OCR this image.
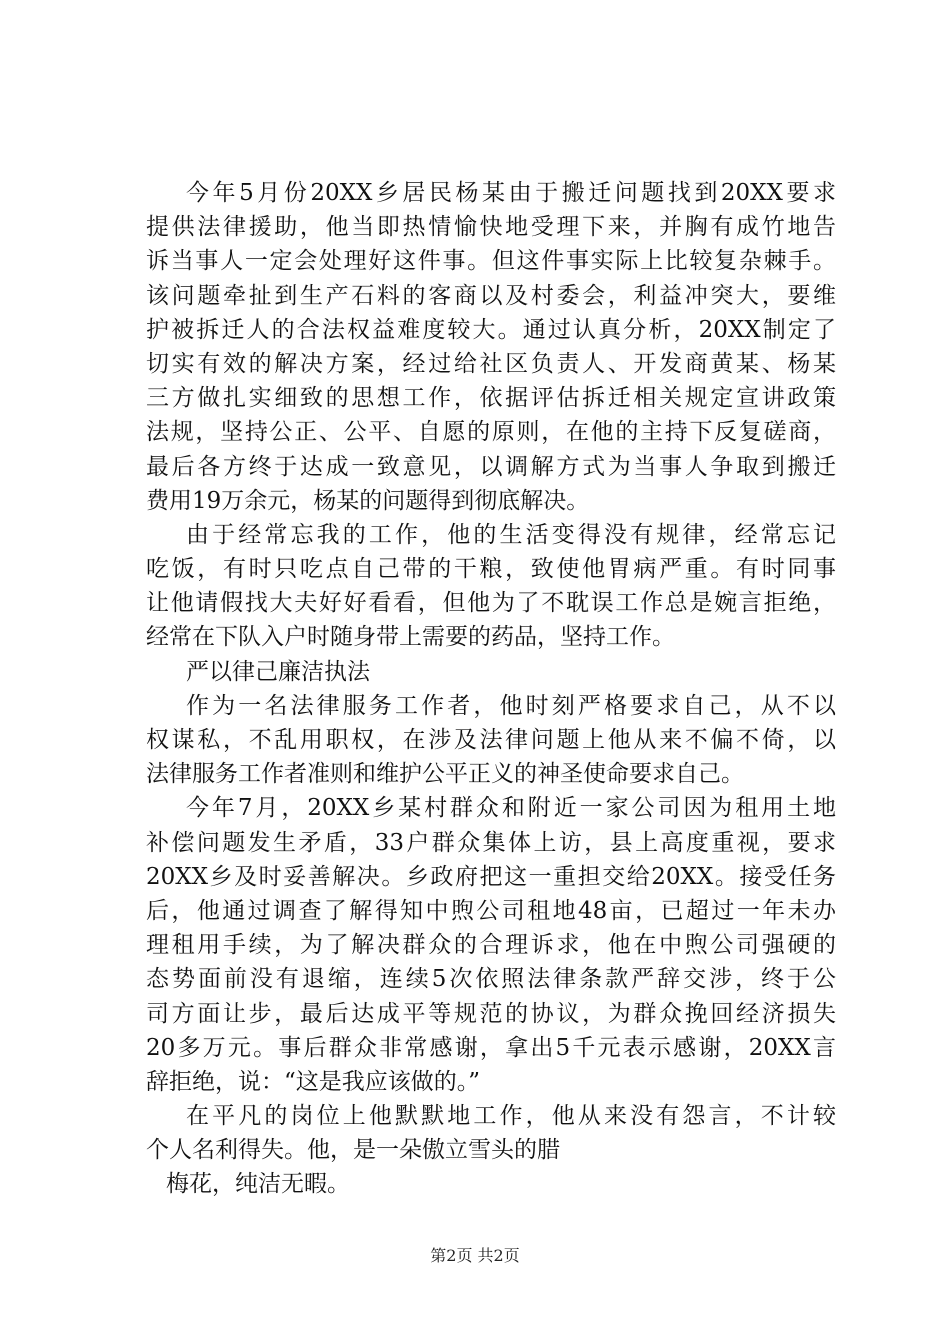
今年5月份20XX乡居民杨某由于搬迁问题找到20XX要求
提供法律援助，他当即热情愉快地受理下来，并胸有成竹地告
诉当事人一定会处理好这件事。但这件事实际上比较复杂棘手。
该问题牵扯到生产石料的客商以及村委会，利益冲突大，要维
护被拆迁人的合法权益难度较大。通过认真分析，20XX制定了
切实有效的解决方案，经过给社区负责人、开发商黄某、杨某
三方做扎实细致的思想工作，依据评估拆迁相关规定宣讲政策
法规，坚持公正、公平、自愿的原则，在他的主持下反复磋商，
最后各方终于达成一致意见，以调解方式为当事人争取到搬迁
费用19万余元，杨某的问题得到彻底解决。
由于经常忘我的工作，他的生活变得没有规律，经常忘记
吃饭，有时只吃点自己带的干粮，致使他胃病严重。有时同事
让他请假找大夫好好看看，但他为了不耽误工作总是婉言拒绝，
经常在下队入户时随身带上需要的药品，坚持工作。
严以律己廉洁执法
作为一名法律服务工作者，他时刻严格要求自己，从不以
权谋私，不乱用职权，在涉及法律问题上他从来不偏不倚，以
法律服务工作者准则和维护公平正义的神圣使命要求自己。
今年7月，20XX乡某村群众和附近一家公司因为租用土地
补偿问题发生矛盾，33户群众集体上访，县上高度重视，要求
20XX乡及时妥善解决。乡政府把这一重担交给20XX。接受任务
后，他通过调查了解得知中煦公司租地48亩，已超过一年未办
理租用手续，为了解决群众的合理诉求，他在中煦公司强硬的
态势面前没有退缩，连续5次依照法律条款严辞交涉，终于公
司方面让步，最后达成平等规范的协议，为群众挽回经济损失
20多万元。事后群众非常感谢，拿出5千元表示感谢，20XX言
辞拒绝，说：“这是我应该做的。”
在平凡的岗位上他默默地工作，他从来没有怨言，不计较
个人名利得失。他，是一朵傲立雪头的腊
梅花，纯洁无暇。
第2页 共2页
